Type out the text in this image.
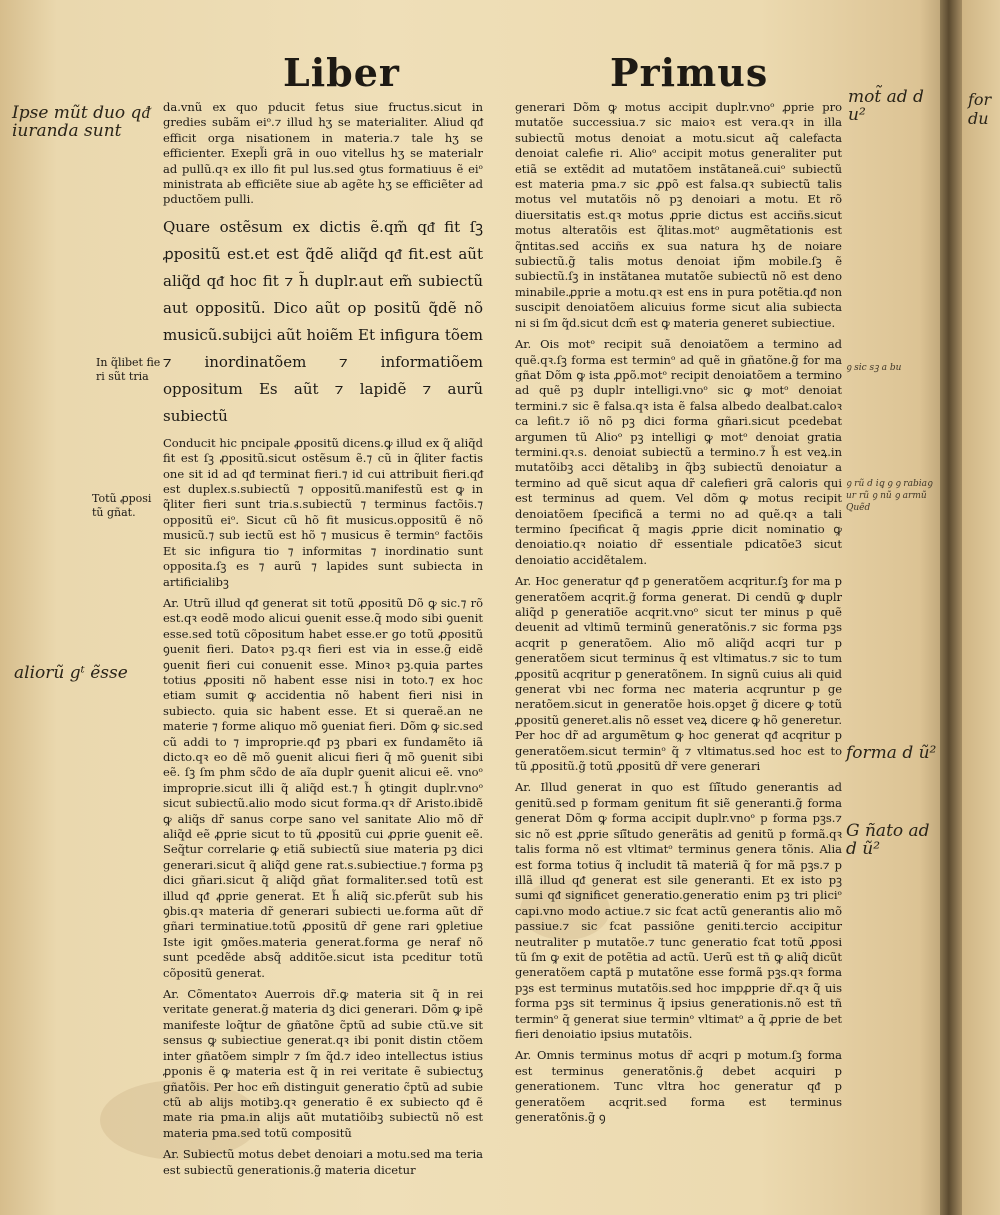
for du
Liber	Primus

da.vnũ ex quo pducit fetus siue fructus.sicut in gredies subãm eiᵒ.⁊ illud hʒ se materialiter. Aliud qᵭ efficit orga nisationem in materia.⁊ tale hʒ se efficienter. Exepl̃i grã in ouo vitellus hʒ se materialr ad pullũ.qꝛ ex illo fit pul lus.sed ꝯtus formatiuus ẽ eiᵒ ministrata ab efficiẽte siue ab agẽte hʒ se efficiẽter ad pductõem pulli.

Quare ostẽsum ex dictis ẽ.qm̃ qᵭ fit ſꝫ ꝓpositũ est.et est q̃dẽ aliq̃d qᵭ fit.est aũt aliq̃d qᵭ hoc fit ⁊ h̃ duplr.aut em̃ subiectũ aut oppositũ. Dico aũt op positũ q̃dẽ nõ musicũ.subijci aũt hoiẽm Et infigura tõem ⁊ inordinatõem ⁊ informatiõem oppositum Es aũt ⁊ lapidẽ ⁊ aurũ subiectũ

Conducit hic pncipale ꝓpositũ dicens.ꝙ illud ex q̃ aliq̃d fit est ſꝫ ꝓpositũ.sicut ostẽsum ẽ.⁊ cũ in q̃liter factis one sit id ad qᵭ terminat fieri.⁊ id cui attribuit fieri.qᵭ est duplex.s.subiectũ ⁊ oppositũ.manifestũ est ꝙ in q̃liter fieri sunt tria.s.subiectũ ⁊ terminus factõis.⁊ oppositũ eiᵒ. Sicut cũ hõ fit musicus.oppositũ ẽ nõ musicũ.⁊ sub iectũ est hõ ⁊ musicus ẽ terminᵒ factõis Et sic infigura tio ⁊ informitas ⁊ inordinatio sunt opposita.ſꝫ es ⁊ aurũ ⁊ lapides sunt subiecta in artificialibꝫ

Ar. Utrũ illud qᵭ generat sit totũ ꝓpositũ Dõ ꝙ sic.⁊ rõ est.qꝛ eodẽ modo alicui ꝯuenit esse.q̃ modo sibi ꝯuenit esse.sed totũ cõpositum habet esse.er go totũ ꝓpositũ ꝯuenit fieri. Datoꝛ pꝫ.qꝛ fieri est via in esse.g̃ eidẽ ꝯuenit fieri cui conuenit esse. Minoꝛ pꝫ.quia partes totius ꝓpositi nõ habent esse nisi in toto.⁊ ex hoc etiam sumit ꝙ accidentia nõ habent fieri nisi in subiecto. quia sic habent esse. Et si queraẽ.an ne materie ⁊ forme aliquo mõ ꝯueniat fieri. Dõm ꝙ sic.sed cũ addi to ⁊ improprie.qᵭ pꝫ pbari ex fundamẽto iã dicto.qꝛ eo dẽ mõ ꝯuenit alicui fieri q̃ mõ ꝯuenit sibi eẽ. ſꝫ ſm phm sc̃do de aĩa duplr ꝯuenit alicui eẽ. vnoᵒ improprie.sicut illi q̃ aliq̃d est.⁊ h̃ ꝯtingit duplr.vnoᵒ sicut subiectũ.alio modo sicut forma.qꝛ dr̃ Aristo.ibidẽ ꝙ aliq̃s dr̃ sanus corpe sano vel sanitate Alio mõ dr̃ aliq̃d eẽ ꝓprie sicut to tũ ꝓpositũ cui ꝓprie ꝯuenit eẽ. Seq̃tur correlarie ꝙ etiã subiectũ siue materia pꝫ dici generari.sicut q̃ aliq̃d gene rat.s.subiectiue.⁊ forma pꝫ dici gñari.sicut q̃ aliq̃d gñat formaliter.sed totũ est illud qᵭ ꝓprie generat. Et h̃ aliq̃ sic.pferũt sub his ꝯbis.qꝛ materia dr̃ generari subiecti ue.forma aũt dr̃ gñari terminatiue.totũ ꝓpositũ dr̃ gene rari ꝯpletiue Iste igit ꝯmões.materia generat.forma ge neraf nõ sunt pcedẽde absq̃ additõe.sicut ista pceditur totũ cõpositũ generat.

Ar. Cõmentatoꝛ Auerrois dr̃.ꝙ materia sit q̃ in rei veritate generat.g̃ materia dꝫ dici generari. Dõm ꝙ ipẽ manifeste loq̃tur de gñatõne c̃ptũ ad subie ctũ.ve sit sensus ꝙ subiectiue generat.qꝛ ibi ponit distin ctõem inter gñatõem simplr ⁊ ſm q̃d.⁊ ideo intellectus istius ꝓponis ẽ ꝙ materia est q̃ in rei veritate ẽ subiectuʒ gñatõis. Per hoc em̃ distinguit generatio c̃ptũ ad subie ctũ ab alijs motibꝫ.qꝛ generatio ẽ ex subiecto qᵭ ẽ mate ria pma.in alijs aũt mutatiõibꝫ subiectũ nõ est materia pma.sed totũ compositũ

Ar. Subiectũ motus debet denoiari a motu.sed ma teria est subiectũ generationis.g̃ materia dicetur

generari Dõm ꝙ motus accipit duplr.vnoᵒ ꝓprie pro mutatõe successiua.⁊ sic maioꝛ est vera.qꝛ in illa subiectũ motus denoiat a motu.sicut aq̃ calefacta denoiat calefie ri. Alioᵒ accipit motus generaliter put etiã se extẽdit ad mutatõem instãtaneã.cuiᵒ subiectũ est materia pma.⁊ sic ꝓpõ est falsa.qꝛ subiectũ talis motus vel mutatõis nõ pꝫ denoiari a motu. Et rõ diuersitatis est.qꝛ motus ꝓprie dictus est acciñs.sicut motus alteratõis est q̃litas.motᵒ augmẽtationis est q̃ntitas.sed acciñs ex sua natura hʒ de noiare subiectũ.g̃ talis motus denoiat ip̃m mobile.ſꝫ ẽ subiectũ.ſꝫ in instãtanea mutatõe subiectũ nõ est deno minabile.ꝓprie a motu.qꝛ est ens in pura potẽtia.qᵭ non suscipit denoiatõem alicuius forme sicut alia subiecta ni si ſm q̃d.sicut dcm̃ est ꝙ materia generet subiectiue.

Ar. Ois motᵒ recipit suã denoiatõem a termino ad quẽ.qꝛ.ſꝫ forma est terminᵒ ad quẽ in gñatõne.g̃ for ma gñat Dõm ꝙ ista ꝓpõ.motᵒ recipit denoiatõem a termino ad quẽ pꝫ duplr intelligi.vnoᵒ sic ꝙ motᵒ denoiat termini.⁊ sic ẽ falsa.qꝛ ista ẽ falsa albedo dealbat.caloꝛ ca lefit.⁊ iõ nõ pꝫ dici forma gñari.sicut pcedebat argumen tũ Alioᵒ pꝫ intelligi ꝙ motᵒ denoiat gratia termini.qꝛ.s. denoiat subiectũ a termino.⁊ h̃ est veꝝ.in mutatõibꝫ acci dẽtalibꝫ in q̃bꝫ subiectũ denoiatur a termino ad quẽ sicut aqua dr̃ calefieri grã caloris qui est terminus ad quem. Vel dõm ꝙ motus recipit denoiatõem ſpecificã a termi no ad quẽ.qꝛ a tali termino ſpecificat q̃ magis ꝓprie dicit nominatio ꝙ denoiatio.qꝛ noiatio dr̃ essentiale pdicatõe3 sicut denoiatio accidẽtalem.

Ar. Hoc generatur qᵭ p generatõem acqritur.ſꝫ for ma p generatõem acqrit.g̃ forma generat. Di cendũ ꝙ duplr aliq̃d p generatiõe acqrit.vnoᵒ sicut ter minus p quẽ deuenit ad vltimũ terminũ generatõnis.⁊ sic forma pꝫs acqrit p generatõem. Alio mõ aliq̃d acqri tur p generatõem sicut terminus q̃ est vltimatus.⁊ sic to tum ꝓpositũ acqritur p generatõnem. In signũ cuius ali quid generat vbi nec forma nec materia acqruntur p ge neratõem.sicut in generatõe hois.opꝫet g̃ dicere ꝙ totũ ꝓpositũ generet.alis nõ esset veꝝ dicere ꝙ hõ generetur. Per hoc dr̃ ad argumẽtum ꝙ hoc generat qᵭ acqritur p generatõem.sicut terminᵒ q̃ ⁊ vltimatus.sed hoc est to tũ ꝓpositũ.g̃ totũ ꝓpositũ dr̃ vere generari

Ar. Illud generat in quo est ſiĩ̃tudo generantis ad genitũ.sed p formam genitum fit siẽ generanti.g̃ forma generat Dõm ꝙ forma accipit duplr.vnoᵒ p forma pꝫs.⁊ sic nõ est ꝓprie siĩ̃tudo generãtis ad genitũ p formã.qꝛ talis forma nõ est vltimatᵒ terminus genera tõnis. Alia est forma totius q̃ includit tã materiã q̃ for mã pꝫs.⁊ p illã illud qᵭ generat est sile generanti. Et ex isto pꝫ sumi qᵭ significet generatio.generatio enim pꝫ tri pliciᵒ capi.vno modo actiue.⁊ sic fcat actũ generantis alio mõ passiue.⁊ sic fcat passiõne geniti.tercio accipitur neutraliter p mutatõe.⁊ tunc generatio fcat totũ ꝓposi tũ ſm ꝙ exit de potẽtia ad actũ. Uerũ est tñ ꝙ aliq̃ dicũt generatõem captã p mutatõne esse formã pꝫs.qꝛ forma pꝫs est terminus mutatõis.sed hoc impꝓprie dr̃.qꝛ q̃ uis forma pꝫs sit terminus q̃ ipsius generationis.nõ est tñ terminᵒ q̃ generat siue terminᵒ vltimatᵒ a q̃ ꝓprie de bet fieri denoiatio ipsius mutatõis.

Ar. Omnis terminus motus dr̃ acqri p motum.ſꝫ forma est terminus generatõnis.g̃ debet acquiri p generationem. Tunc vltra hoc generatur qᵭ p generatõem acqrit.sed forma est terminus generatõnis.g̃ ꝯ

In q̃libet fie ri sũt tria
Totũ ꝓposi tũ gñat.
Ipse mũt duo qᵭ iuranda sunt
aliorũ gᵗ ẽsse
mot̃ ad d u²
ꝯ sic sꝫ a bu
ꝯ rũ d iꝗ ꝯ ꝯ rabiaꝯ ur rũ ꝯ nũ ꝯ armũ Quẽd
forma d ũ²
G ñato ad d ũ²
